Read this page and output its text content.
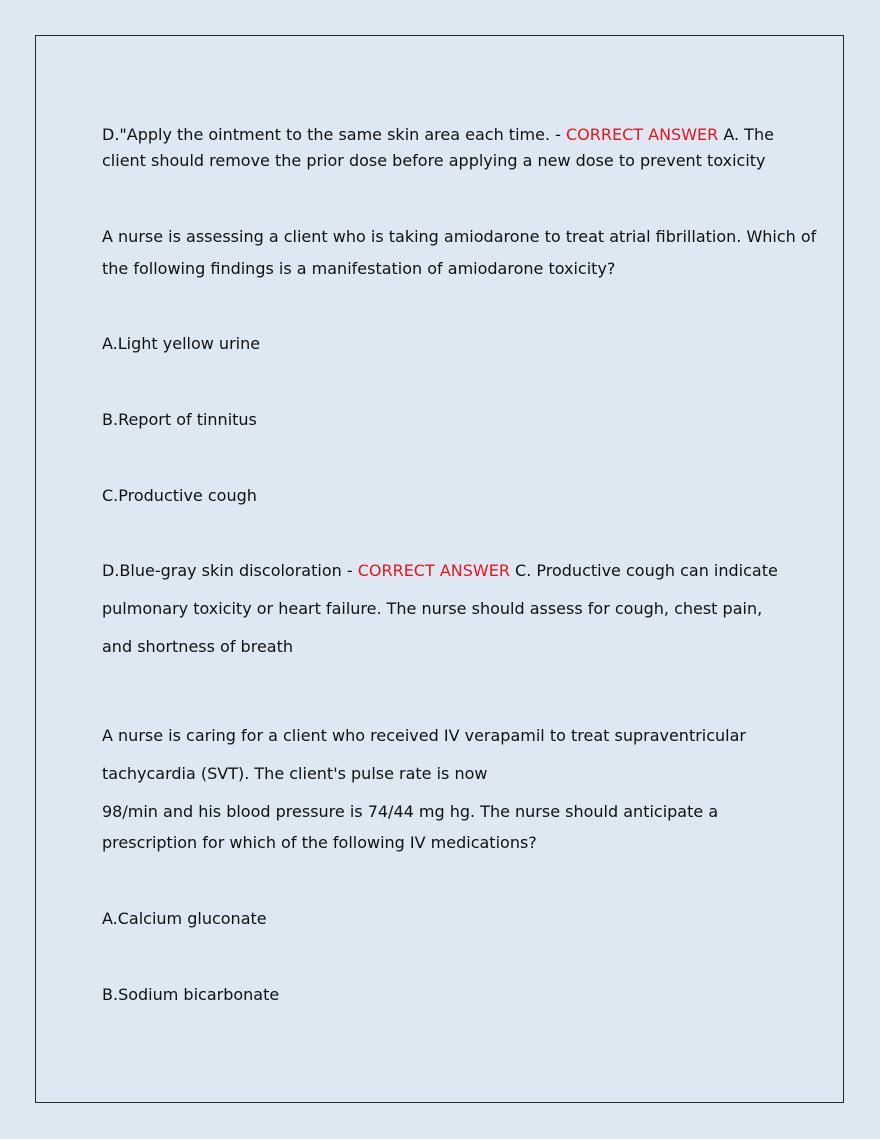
D."Apply the ointment to the same skin area each time. - CORRECT ANSWER A. The

client should remove the prior dose before applying a new dose to prevent toxicity

A nurse is assessing a client who is taking amiodarone to treat atrial fibrillation. Which of

the following findings is a manifestation of amiodarone toxicity?

A.Light yellow urine

B.Report of tinnitus

C.Productive cough

D.Blue-gray skin discoloration - CORRECT ANSWER C. Productive cough can indicate

pulmonary toxicity or heart failure. The nurse should assess for cough, chest pain,

and shortness of breath

A nurse is caring for a client who received IV verapamil to treat supraventricular

tachycardia (SVT). The client's pulse rate is now

98/min and his blood pressure is 74/44 mg hg. The nurse should anticipate a

prescription for which of the following IV medications?

A.Calcium gluconate

B.Sodium bicarbonate
